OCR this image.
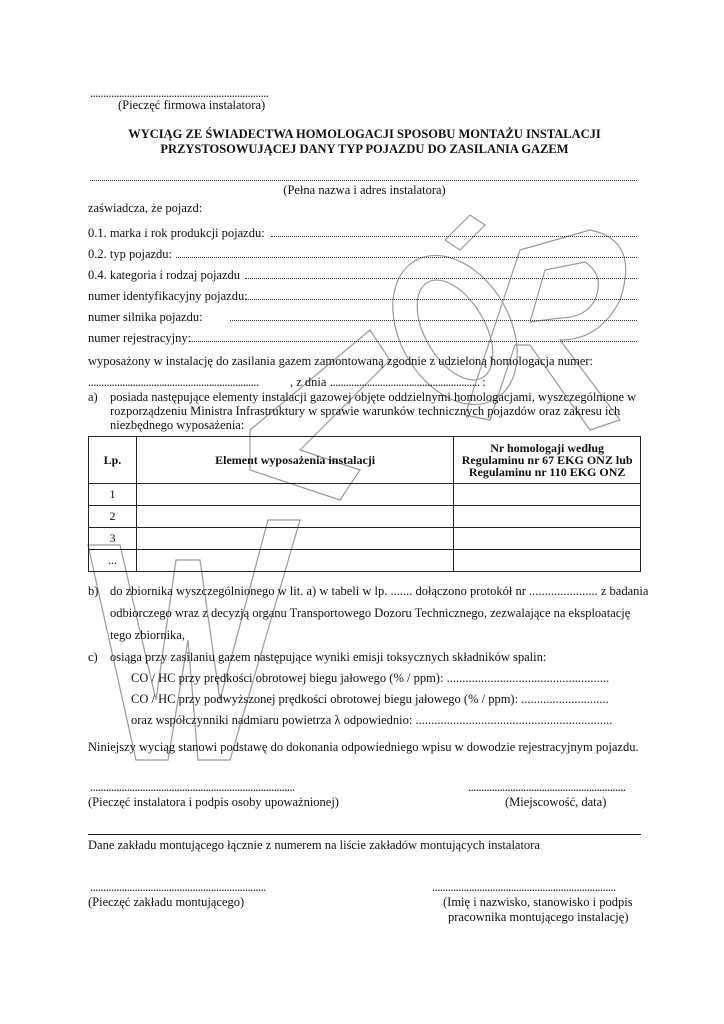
....................................................................
(Pieczęć firmowa instalatora)
WYCIĄG ZE ŚWIADECTWA HOMOLOGACJI SPOSOBU MONTAŻU INSTALACJI
PRZYSTOSOWUJĄCEJ DANY TYP POJAZDU DO ZASILANIA GAZEM
(Pełna nazwa i adres instalatora)
zaświadcza, że pojazd:
0.1. marka i rok produkcji pojazdu:
0.2. typ pojazdu:
0.4. kategoria i rodzaj pojazdu
numer identyfikacyjny pojazdu:
numer silnika pojazdu:
numer rejestracyjny:
wyposażony w instalację do zasilania gazem zamontowaną zgodnie z udzieloną homologacja numer:
.................................................................	, z dnia ......................................................... :
a) posiada następujące elementy instalacji gazowej objęte oddzielnymi homologacjami, wyszczególnione w
rozporządzeniu Ministra Infrastruktury w sprawie warunków technicznych pojazdów oraz zakresu ich
niezbędnego wyposażenia:
Lp.	Element wyposażenia instalacji	Nr homologaji według
Regulaminu nr 67 EKG ONZ lub
Regulaminu nr 110 EKG ONZ
1		
2		
3		
...		
b) do zbiornika wyszczególnionego w lit. a) w tabeli w lp. ....... dołączono protokół nr ...................... z badania
odbiorczego wraz z decyzją organu Transportowego Dozoru Technicznego, zezwalające na eksploatację
tego zbiornika,
c) osiąga przy zasilaniu gazem następujące wyniki emisji toksycznych składników spalin:
CO / HC przy prędkości obrotowej biegu jałowego (% / ppm): ....................................................
CO / HC przy podwyższonej prędkości obrotowej biegu jałowego (% / ppm): ............................
oraz współczynniki nadmiaru powietrza λ odpowiednio: ...............................................................
Niniejszy wyciąg stanowi podstawę do dokonania odpowiedniego wpisu w dowodzie rejestracyjnym pojazdu.
..............................................................................
(Pieczęć instalatora i podpis osoby upoważnionej)
............................................................
(Miejscowość, data)
Dane zakładu montującego łącznie z numerem na liście zakładów montujących instalatora
...................................................................
(Pieczęć zakładu montującego)
......................................................................
(Imię i nazwisko, stanowisko i podpis
pracownika montującego instalację)
